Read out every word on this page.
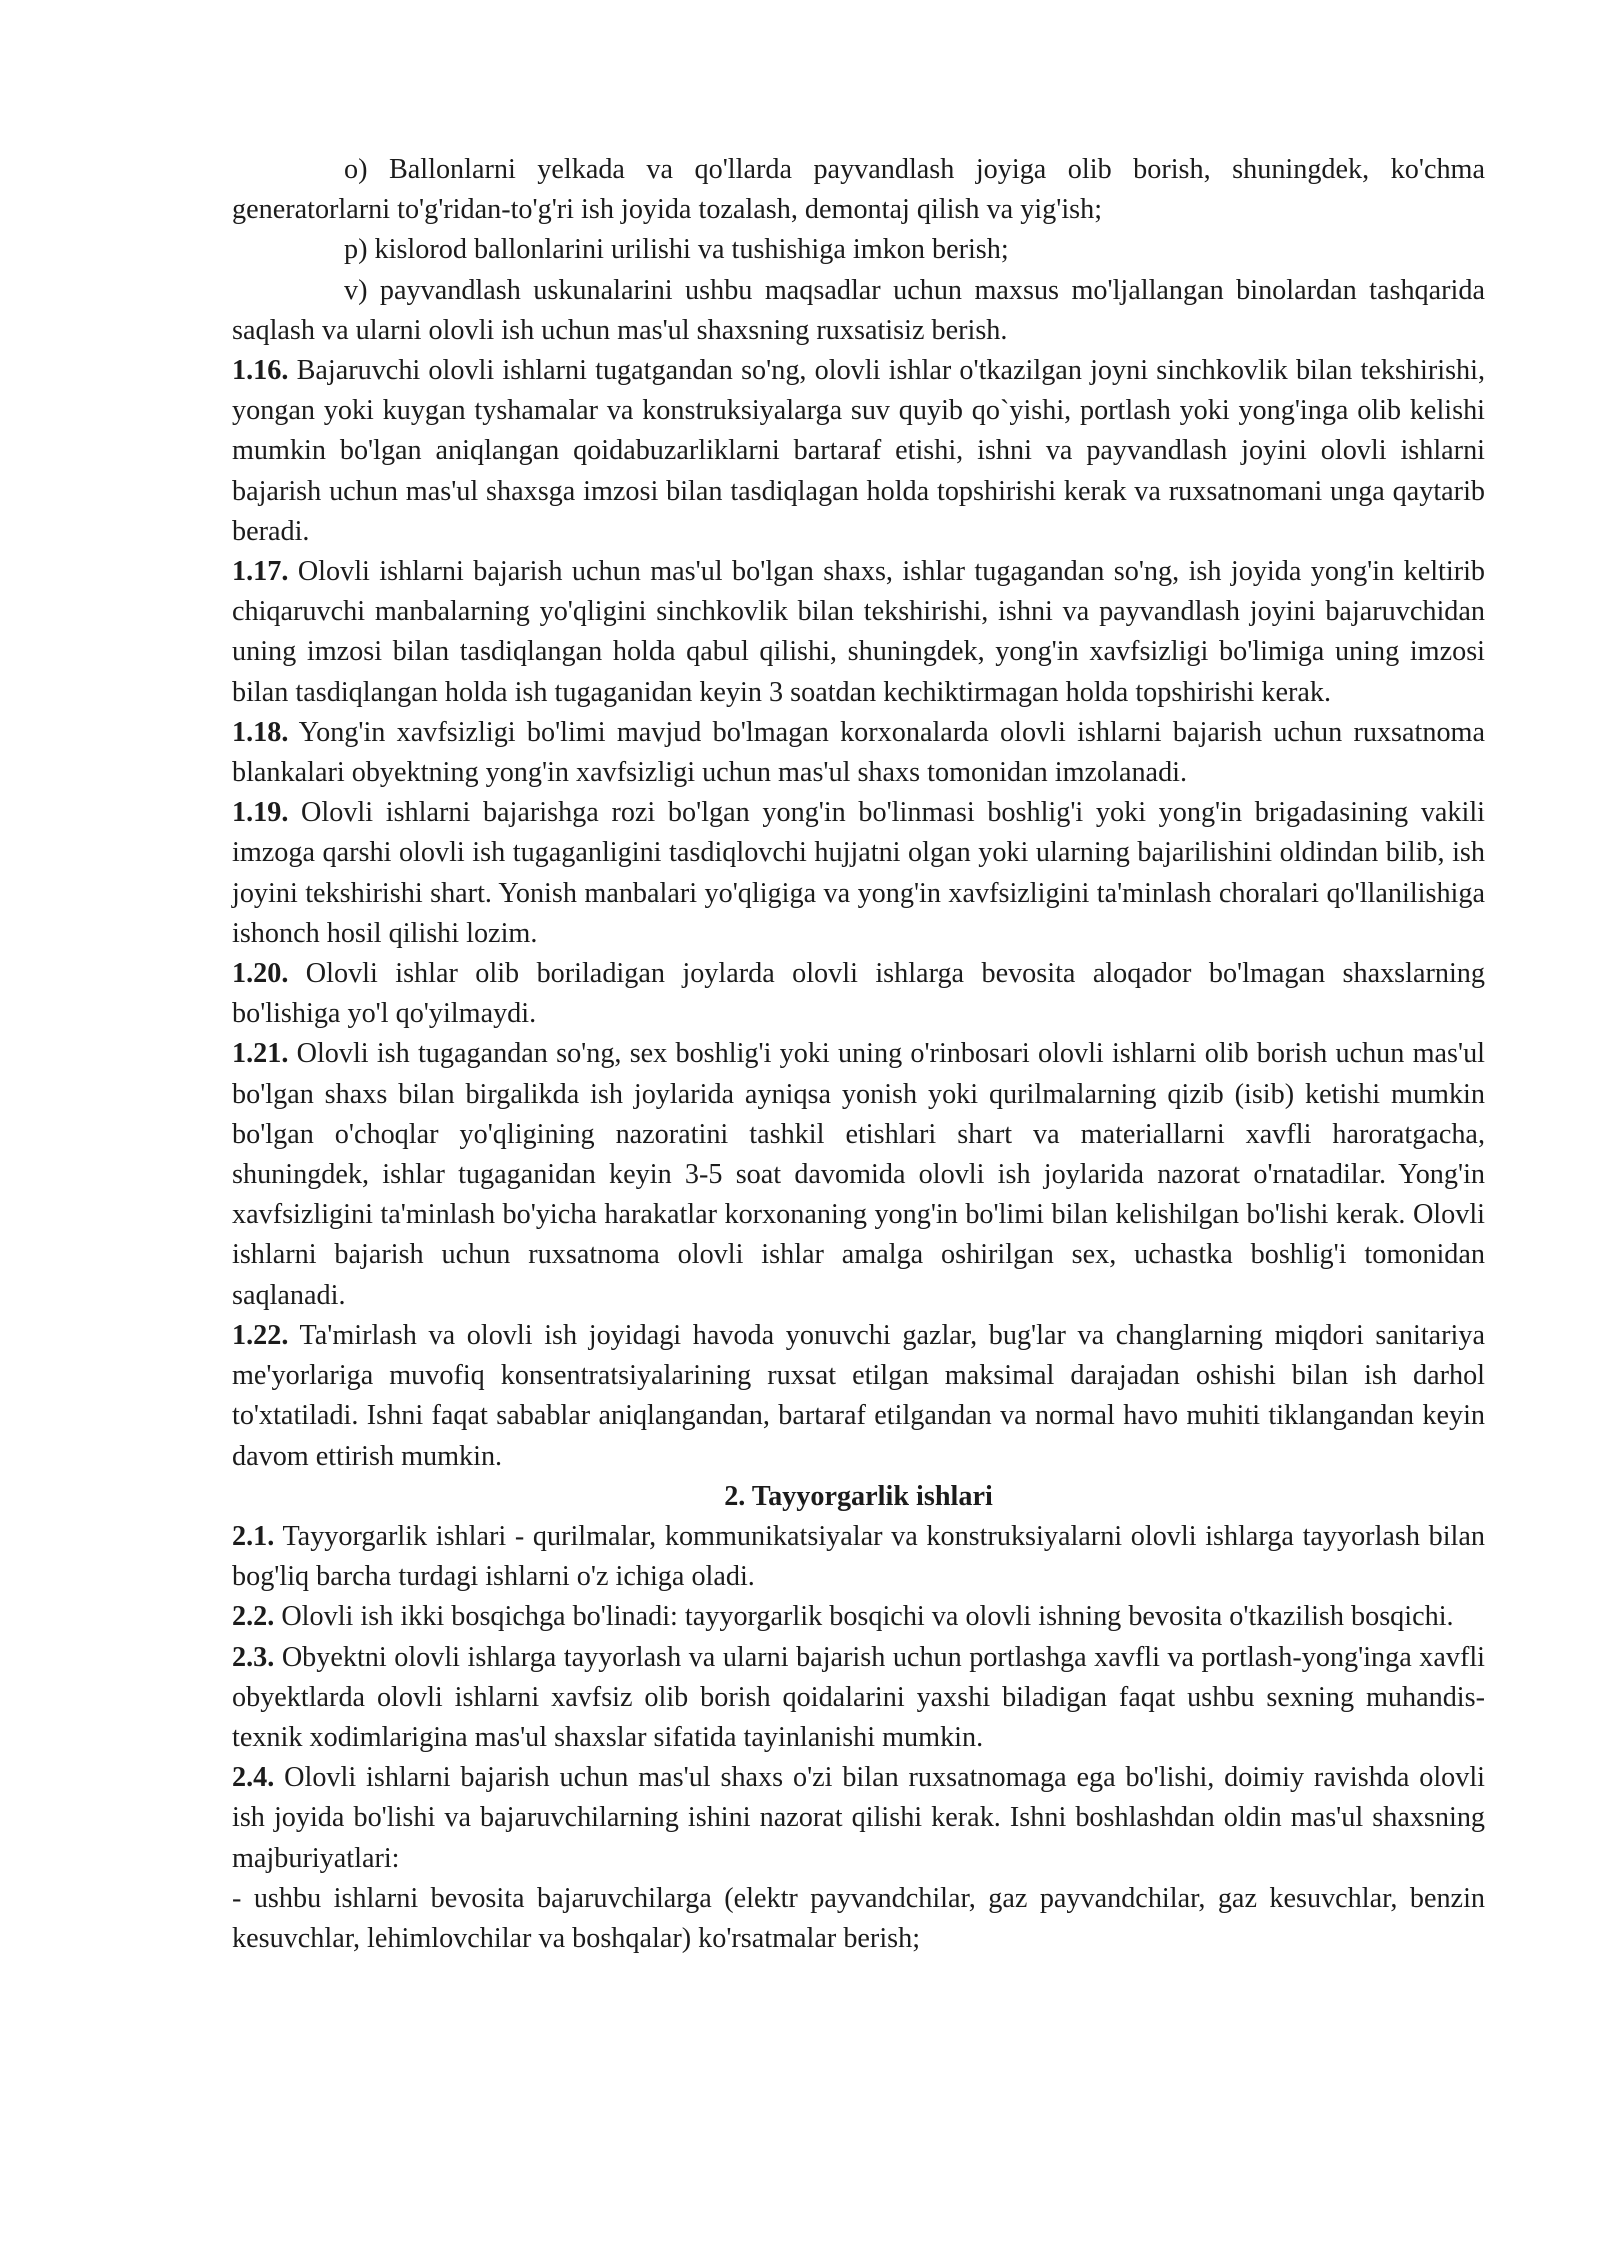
o) Ballonlarni yelkada va qo'llarda payvandlash joyiga olib borish, shuningdek, ko'chma generatorlarni to'g'ridan-to'g'ri ish joyida tozalash, demontaj qilish va yig'ish;

p) kislorod ballonlarini urilishi va tushishiga imkon berish;

v) payvandlash uskunalarini ushbu maqsadlar uchun maxsus mo'ljallangan binolardan tashqarida saqlash va ularni olovli ish uchun mas'ul shaxsning ruxsatisiz berish.

1.16. Bajaruvchi olovli ishlarni tugatgandan so'ng, olovli ishlar o'tkazilgan joyni sinchkovlik bilan tekshirishi, yongan yoki kuygan tyshamalar va konstruksiyalarga suv quyib qo`yishi, portlash yoki yong'inga olib kelishi mumkin bo'lgan aniqlangan qoidabuzarliklarni bartaraf etishi, ishni va payvandlash joyini olovli ishlarni bajarish uchun mas'ul shaxsga imzosi bilan tasdiqlagan holda topshirishi kerak va ruxsatnomani unga qaytarib beradi.

1.17. Olovli ishlarni bajarish uchun mas'ul bo'lgan shaxs, ishlar tugagandan so'ng, ish joyida yong'in keltirib chiqaruvchi manbalarning yo'qligini sinchkovlik bilan tekshirishi, ishni va payvandlash joyini bajaruvchidan uning imzosi bilan tasdiqlangan holda qabul qilishi, shuningdek, yong'in xavfsizligi bo'limiga uning imzosi bilan tasdiqlangan holda ish tugaganidan keyin 3 soatdan kechiktirmagan holda topshirishi kerak.

1.18. Yong'in xavfsizligi bo'limi mavjud bo'lmagan korxonalarda olovli ishlarni bajarish uchun ruxsatnoma blankalari obyektning yong'in xavfsizligi uchun mas'ul shaxs tomonidan imzolanadi.

1.19. Olovli ishlarni bajarishga rozi bo'lgan yong'in bo'linmasi boshlig'i yoki yong'in brigadasining vakili imzoga qarshi olovli ish tugaganligini tasdiqlovchi hujjatni olgan yoki ularning bajarilishini oldindan bilib, ish joyini tekshirishi shart. Yonish manbalari yo'qligiga va yong'in xavfsizligini ta'minlash choralari qo'llanilishiga ishonch hosil qilishi lozim.

1.20. Olovli ishlar olib boriladigan joylarda olovli ishlarga bevosita aloqador bo'lmagan shaxslarning bo'lishiga yo'l qo'yilmaydi.

1.21. Olovli ish tugagandan so'ng, sex boshlig'i yoki uning o'rinbosari olovli ishlarni olib borish uchun mas'ul bo'lgan shaxs bilan birgalikda ish joylarida ayniqsa yonish yoki qurilmalarning qizib (isib) ketishi mumkin bo'lgan o'choqlar yo'qligining nazoratini tashkil etishlari shart va materiallarni xavfli haroratgacha, shuningdek, ishlar tugaganidan keyin 3-5 soat davomida olovli ish joylarida nazorat o'rnatadilar. Yong'in xavfsizligini ta'minlash bo'yicha harakatlar korxonaning yong'in bo'limi bilan kelishilgan bo'lishi kerak. Olovli ishlarni bajarish uchun ruxsatnoma olovli ishlar amalga oshirilgan sex, uchastka boshlig'i tomonidan saqlanadi.

1.22. Ta'mirlash va olovli ish joyidagi havoda yonuvchi gazlar, bug'lar va changlarning miqdori sanitariya me'yorlariga muvofiq konsentratsiyalarining ruxsat etilgan maksimal darajadan oshishi bilan ish darhol to'xtatiladi. Ishni faqat sabablar aniqlangandan, bartaraf etilgandan va normal havo muhiti tiklangandan keyin davom ettirish mumkin.

2. Tayyorgarlik ishlari

2.1. Tayyorgarlik ishlari - qurilmalar, kommunikatsiyalar va konstruksiyalarni olovli ishlarga tayyorlash bilan bog'liq barcha turdagi ishlarni o'z ichiga oladi.

2.2. Olovli ish ikki bosqichga bo'linadi: tayyorgarlik bosqichi va olovli ishning bevosita o'tkazilish bosqichi.

2.3. Obyektni olovli ishlarga tayyorlash va ularni bajarish uchun portlashga xavfli va portlash-yong'inga xavfli obyektlarda olovli ishlarni xavfsiz olib borish qoidalarini yaxshi biladigan faqat ushbu sexning muhandis-texnik xodimlariginа mas'ul shaxslar sifatida tayinlanishi mumkin.

2.4. Olovli ishlarni bajarish uchun mas'ul shaxs o'zi bilan ruxsatnomaga ega bo'lishi, doimiy ravishda olovli ish joyida bo'lishi va bajaruvchilarning ishini nazorat qilishi kerak. Ishni boshlashdan oldin mas'ul shaxsning majburiyatlari:

- ushbu ishlarni bevosita bajaruvchilarga (elektr payvandchilar, gaz payvandchilar, gaz kesuvchlar, benzin kesuvchlar, lehimlovchilar va boshqalar) ko'rsatmalar berish;
